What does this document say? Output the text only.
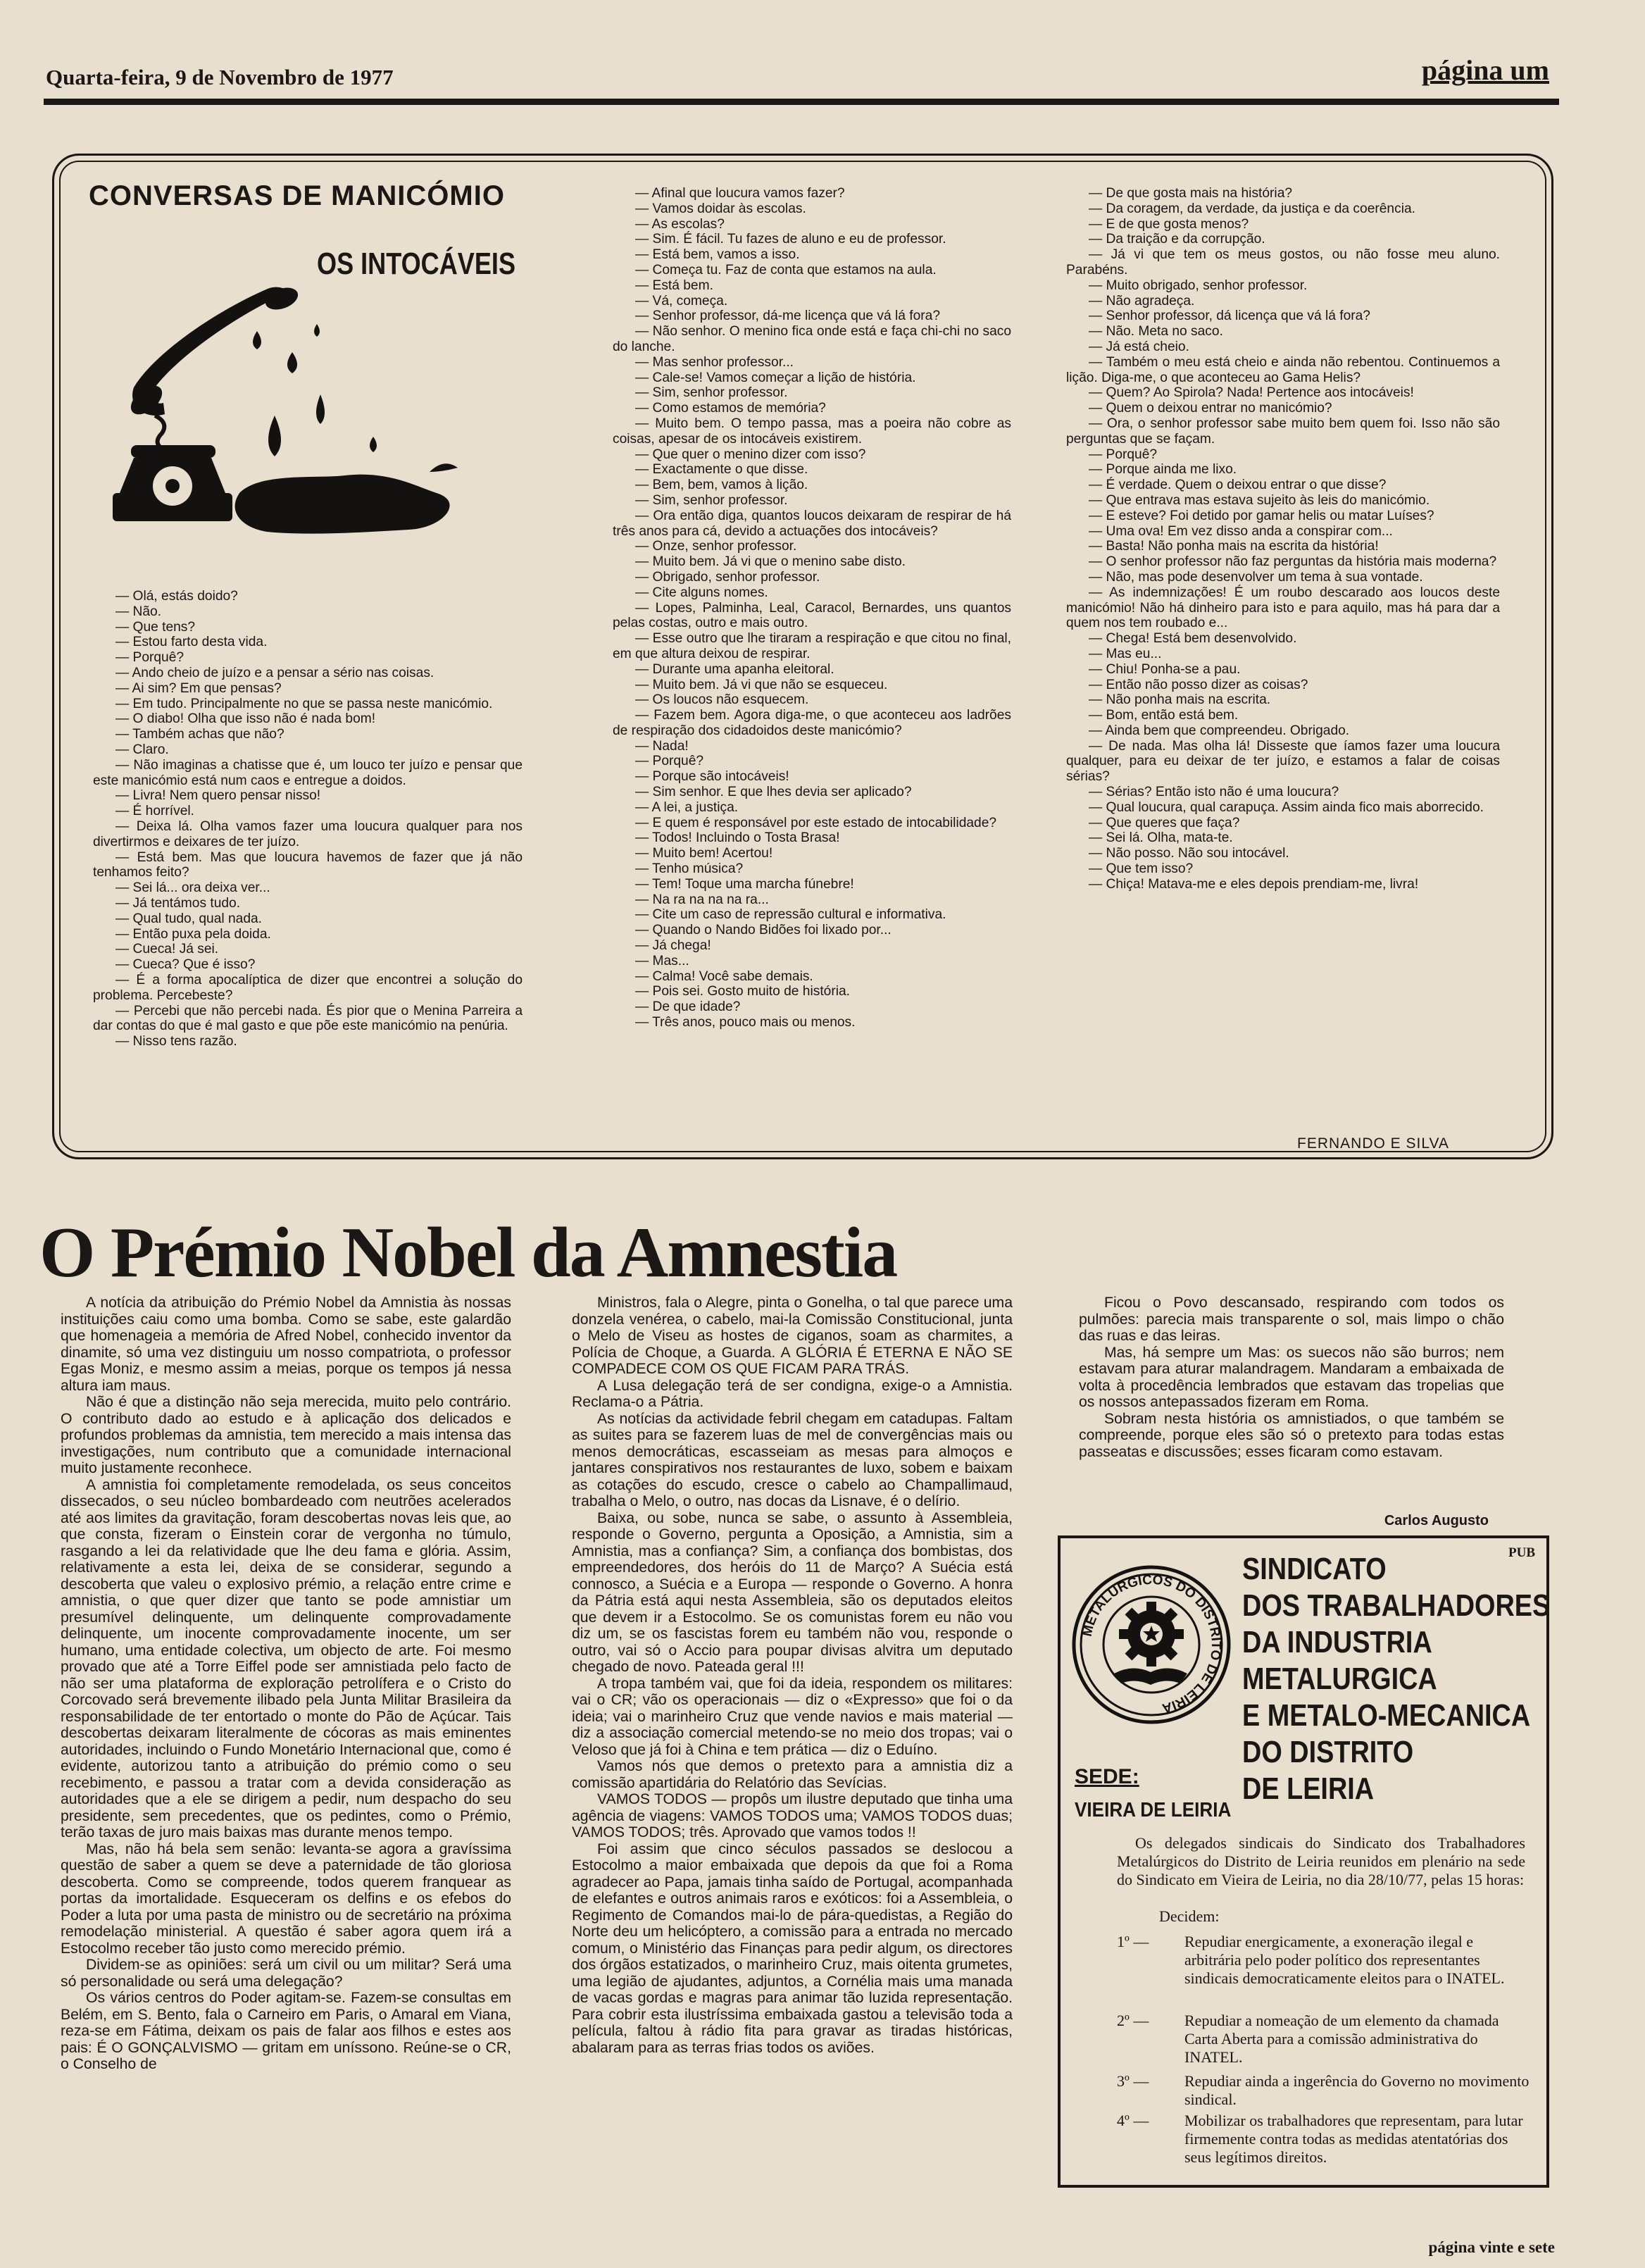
Quarta-feira, 9 de Novembro de 1977	página um
CONVERSAS DE MANICÓMIO
OS INTOCÁVEIS

— Olá, estás doido?

— Não.

— Que tens?

— Estou farto desta vida.

— Porquê?

— Ando cheio de juízo e a pensar a sério nas coisas.

— Ai sim? Em que pensas?

— Em tudo. Principalmente no que se passa neste manicómio.

— O diabo! Olha que isso não é nada bom!

— Também achas que não?

— Claro.

— Não imaginas a chatisse que é, um louco ter juízo e pensar que este manicómio está num caos e entregue a doidos.

— Livra! Nem quero pensar nisso!

— É horrível.

— Deixa lá. Olha vamos fazer uma loucura qualquer para nos divertirmos e deixares de ter juízo.

— Está bem. Mas que loucura havemos de fazer que já não tenhamos feito?

— Sei lá... ora deixa ver...

— Já tentámos tudo.

— Qual tudo, qual nada.

— Então puxa pela doida.

— Cueca! Já sei.

— Cueca? Que é isso?

— É a forma apocalíptica de dizer que encontrei a solução do problema. Percebeste?

— Percebi que não percebi nada. És pior que o Menina Parreira a dar contas do que é mal gasto e que põe este manicómio na penúria.

— Nisso tens razão.

— Afinal que loucura vamos fazer?

— Vamos doidar às escolas.

— As escolas?

— Sim. É fácil. Tu fazes de aluno e eu de professor.

— Está bem, vamos a isso.

— Começa tu. Faz de conta que estamos na aula.

— Está bem.

— Vá, começa.

— Senhor professor, dá-me licença que vá lá fora?

— Não senhor. O menino fica onde está e faça chi-chi no saco do lanche.

— Mas senhor professor...

— Cale-se! Vamos começar a lição de história.

— Sim, senhor professor.

— Como estamos de memória?

— Muito bem. O tempo passa, mas a poeira não cobre as coisas, apesar de os intocáveis existirem.

— Que quer o menino dizer com isso?

— Exactamente o que disse.

— Bem, bem, vamos à lição.

— Sim, senhor professor.

— Ora então diga, quantos loucos deixaram de respirar de há três anos para cá, devido a actuações dos intocáveis?

— Onze, senhor professor.

— Muito bem. Já vi que o menino sabe disto.

— Obrigado, senhor professor.

— Cite alguns nomes.

— Lopes, Palminha, Leal, Caracol, Bernardes, uns quantos pelas costas, outro e mais outro.

— Esse outro que lhe tiraram a respiração e que citou no final, em que altura deixou de respirar.

— Durante uma apanha eleitoral.

— Muito bem. Já vi que não se esqueceu.

— Os loucos não esquecem.

— Fazem bem. Agora diga-me, o que aconteceu aos ladrões de respiração dos cidadoidos deste manicómio?

— Nada!

— Porquê?

— Porque são intocáveis!

— Sim senhor. E que lhes devia ser aplicado?

— A lei, a justiça.

— E quem é responsável por este estado de intocabilidade?

— Todos! Incluindo o Tosta Brasa!

— Muito bem! Acertou!

— Tenho música?

— Tem! Toque uma marcha fúnebre!

— Na ra na na na ra...

— Cite um caso de repressão cultural e informativa.

— Quando o Nando Bidões foi lixado por...

— Já chega!

— Mas...

— Calma! Você sabe demais.

— Pois sei. Gosto muito de história.

— De que idade?

— Três anos, pouco mais ou menos.

— De que gosta mais na história?

— Da coragem, da verdade, da justiça e da coerência.

— E de que gosta menos?

— Da traição e da corrupção.

— Já vi que tem os meus gostos, ou não fosse meu aluno. Parabéns.

— Muito obrigado, senhor professor.

— Não agradeça.

— Senhor professor, dá licença que vá lá fora?

— Não. Meta no saco.

— Já está cheio.

— Também o meu está cheio e ainda não rebentou. Continuemos a lição. Diga-me, o que aconteceu ao Gama Helis?

— Quem? Ao Spirola? Nada! Pertence aos intocáveis!

— Quem o deixou entrar no manicómio?

— Ora, o senhor professor sabe muito bem quem foi. Isso não são perguntas que se façam.

— Porquê?

— Porque ainda me lixo.

— É verdade. Quem o deixou entrar o que disse?

— Que entrava mas estava sujeito às leis do manicómio.

— E esteve? Foi detido por gamar helis ou matar Luíses?

— Uma ova! Em vez disso anda a conspirar com...

— Basta! Não ponha mais na escrita da história!

— O senhor professor não faz perguntas da história mais moderna?

— Não, mas pode desenvolver um tema à sua vontade.

— As indemnizações! É um roubo descarado aos loucos deste manicómio! Não há dinheiro para isto e para aquilo, mas há para dar a quem nos tem roubado e...

— Chega! Está bem desenvolvido.

— Mas eu...

— Chiu! Ponha-se a pau.

— Então não posso dizer as coisas?

— Não ponha mais na escrita.

— Bom, então está bem.

— Ainda bem que compreendeu. Obrigado.

— De nada. Mas olha lá! Disseste que íamos fazer uma loucura qualquer, para eu deixar de ter juízo, e estamos a falar de coisas sérias?

— Sérias? Então isto não é uma loucura?

— Qual loucura, qual carapuça. Assim ainda fico mais aborrecido.

— Que queres que faça?

— Sei lá. Olha, mata-te.

— Não posso. Não sou intocável.

— Que tem isso?

— Chiça! Matava-me e eles depois prendiam-me, livra!

FERNANDO E SILVA
O Prémio Nobel da Amnestia

A notícia da atribuição do Prémio Nobel da Amnistia às nossas instituições caiu como uma bomba. Como se sabe, este galardão que homenageia a memória de Afred Nobel, conhecido inventor da dinamite, só uma vez distinguiu um nosso compatriota, o professor Egas Moniz, e mesmo assim a meias, porque os tempos já nessa altura iam maus.

Não é que a distinção não seja merecida, muito pelo contrário. O contributo dado ao estudo e à aplicação dos delicados e profundos problemas da amnistia, tem merecido a mais intensa das investigações, num contributo que a comunidade internacional muito justamente reconhece.

A amnistia foi completamente remodelada, os seus conceitos dissecados, o seu núcleo bombardeado com neutrões acelerados até aos limites da gravitação, foram descobertas novas leis que, ao que consta, fizeram o Einstein corar de vergonha no túmulo, rasgando a lei da relatividade que lhe deu fama e glória. Assim, relativamente a esta lei, deixa de se considerar, segundo a descoberta que valeu o explosivo prémio, a relação entre crime e amnistia, o que quer dizer que tanto se pode amnistiar um presumível delinquente, um delinquente comprovadamente delinquente, um inocente comprovadamente inocente, um ser humano, uma entidade colectiva, um objecto de arte. Foi mesmo provado que até a Torre Eiffel pode ser amnistiada pelo facto de não ser uma plataforma de exploração petrolífera e o Cristo do Corcovado será brevemente ilibado pela Junta Militar Brasileira da responsabilidade de ter entortado o monte do Pão de Açúcar. Tais descobertas deixaram literalmente de cócoras as mais eminentes autoridades, incluindo o Fundo Monetário Internacional que, como é evidente, autorizou tanto a atribuição do prémio como o seu recebimento, e passou a tratar com a devida consideração as autoridades que a ele se dirigem a pedir, num despacho do seu presidente, sem precedentes, que os pedintes, como o Prémio, terão taxas de juro mais baixas mas durante menos tempo.

Mas, não há bela sem senão: levanta-se agora a gravíssima questão de saber a quem se deve a paternidade de tão gloriosa descoberta. Como se compreende, todos querem franquear as portas da imortalidade. Esqueceram os delfins e os efebos do Poder a luta por uma pasta de ministro ou de secretário na próxima remodelação ministerial. A questão é saber agora quem irá a Estocolmo receber tão justo como merecido prémio.

Dividem-se as opiniões: será um civil ou um militar? Será uma só personalidade ou será uma delegação?

Os vários centros do Poder agitam-se. Fazem-se consultas em Belém, em S. Bento, fala o Carneiro em Paris, o Amaral em Viana, reza-se em Fátima, deixam os pais de falar aos filhos e estes aos pais: É O GONÇALVISMO — gritam em uníssono. Reúne-se o CR, o Conselho de

Ministros, fala o Alegre, pinta o Gonelha, o tal que parece uma donzela venérea, o cabelo, mai-la Comissão Constitucional, junta o Melo de Viseu as hostes de ciganos, soam as charmites, a Polícia de Choque, a Guarda. A GLÓRIA É ETERNA E NÃO SE COMPADECE COM OS QUE FICAM PARA TRÁS.

A Lusa delegação terá de ser condigna, exige-o a Amnistia. Reclama-o a Pátria.

As notícias da actividade febril chegam em catadupas. Faltam as suites para se fazerem luas de mel de convergências mais ou menos democráticas, escasseiam as mesas para almoços e jantares conspirativos nos restaurantes de luxo, sobem e baixam as cotações do escudo, cresce o cabelo ao Champallimaud, trabalha o Melo, o outro, nas docas da Lisnave, é o delírio.

Baixa, ou sobe, nunca se sabe, o assunto à Assembleia, responde o Governo, pergunta a Oposição, a Amnistia, sim a Amnistia, mas a confiança? Sim, a confiança dos bombistas, dos empreendedores, dos heróis do 11 de Março? A Suécia está connosco, a Suécia e a Europa — responde o Governo. A honra da Pátria está aqui nesta Assembleia, são os deputados eleitos que devem ir a Estocolmo. Se os comunistas forem eu não vou diz um, se os fascistas forem eu também não vou, responde o outro, vai só o Accio para poupar divisas alvitra um deputado chegado de novo. Pateada geral !!!

A tropa também vai, que foi da ideia, respondem os militares: vai o CR; vão os operacionais — diz o «Expresso» que foi o da ideia; vai o marinheiro Cruz que vende navios e mais material — diz a associação comercial metendo-se no meio dos tropas; vai o Veloso que já foi à China e tem prática — diz o Eduíno.

Vamos nós que demos o pretexto para a amnistia diz a comissão apartidária do Relatório das Sevícias.

VAMOS TODOS — propôs um ilustre deputado que tinha uma agência de viagens: VAMOS TODOS uma; VAMOS TODOS duas; VAMOS TODOS; três. Aprovado que vamos todos !!

Foi assim que cinco séculos passados se deslocou a Estocolmo a maior embaixada que depois da que foi a Roma agradecer ao Papa, jamais tinha saído de Portugal, acompanhada de elefantes e outros animais raros e exóticos: foi a Assembleia, o Regimento de Comandos mai-lo de pára-quedistas, a Região do Norte deu um helicóptero, a comissão para a entrada no mercado comum, o Ministério das Finanças para pedir algum, os directores dos órgãos estatizados, o marinheiro Cruz, mais oitenta grumetes, uma legião de ajudantes, adjuntos, a Cornélia mais uma manada de vacas gordas e magras para animar tão luzida representação. Para cobrir esta ilustríssima embaixada gastou a televisão toda a película, faltou à rádio fita para gravar as tiradas históricas, abalaram para as terras frias todos os aviões.

Ficou o Povo descansado, respirando com todos os pulmões: parecia mais transparente o sol, mais limpo o chão das ruas e das leiras.

Mas, há sempre um Mas: os suecos não são burros; nem estavam para aturar malandragem. Mandaram a embaixada de volta à procedência lembrados que estavam das tropelias que os nossos antepassados fizeram em Roma.

Sobram nesta história os amnistiados, o que também se compreende, porque eles são só o pretexto para todas estas passeatas e discussões; esses ficaram como estavam.

Carlos Augusto
PUB
METALURGICOS DO DISTRITO DE LEIRIA
SINDICATO
DOS TRABALHADORES
DA INDUSTRIA
METALURGICA
E METALO-MECANICA
DO DISTRITO
DE LEIRIA
SEDE:
VIEIRA DE LEIRIA

Os delegados sindicais do Sindicato dos Trabalhadores Metalúrgicos do Distrito de Leiria reunidos em plenário na sede do Sindicato em Vieira de Leiria, no dia 28/10/77, pelas 15 horas:

Decidem:
1º —	Repudiar energicamente, a exoneração ilegal e arbitrária pelo poder político dos representantes sindicais democraticamente eleitos para o INATEL.
2º —	Repudiar a nomeação de um elemento da chamada Carta Aberta para a comissão administrativa do INATEL.
3º —	Repudiar ainda a ingerência do Governo no movimento sindical.
4º —	Mobilizar os trabalhadores que representam, para lutar firmemente contra todas as medidas atentatórias dos seus legítimos direitos.
página vinte e sete
